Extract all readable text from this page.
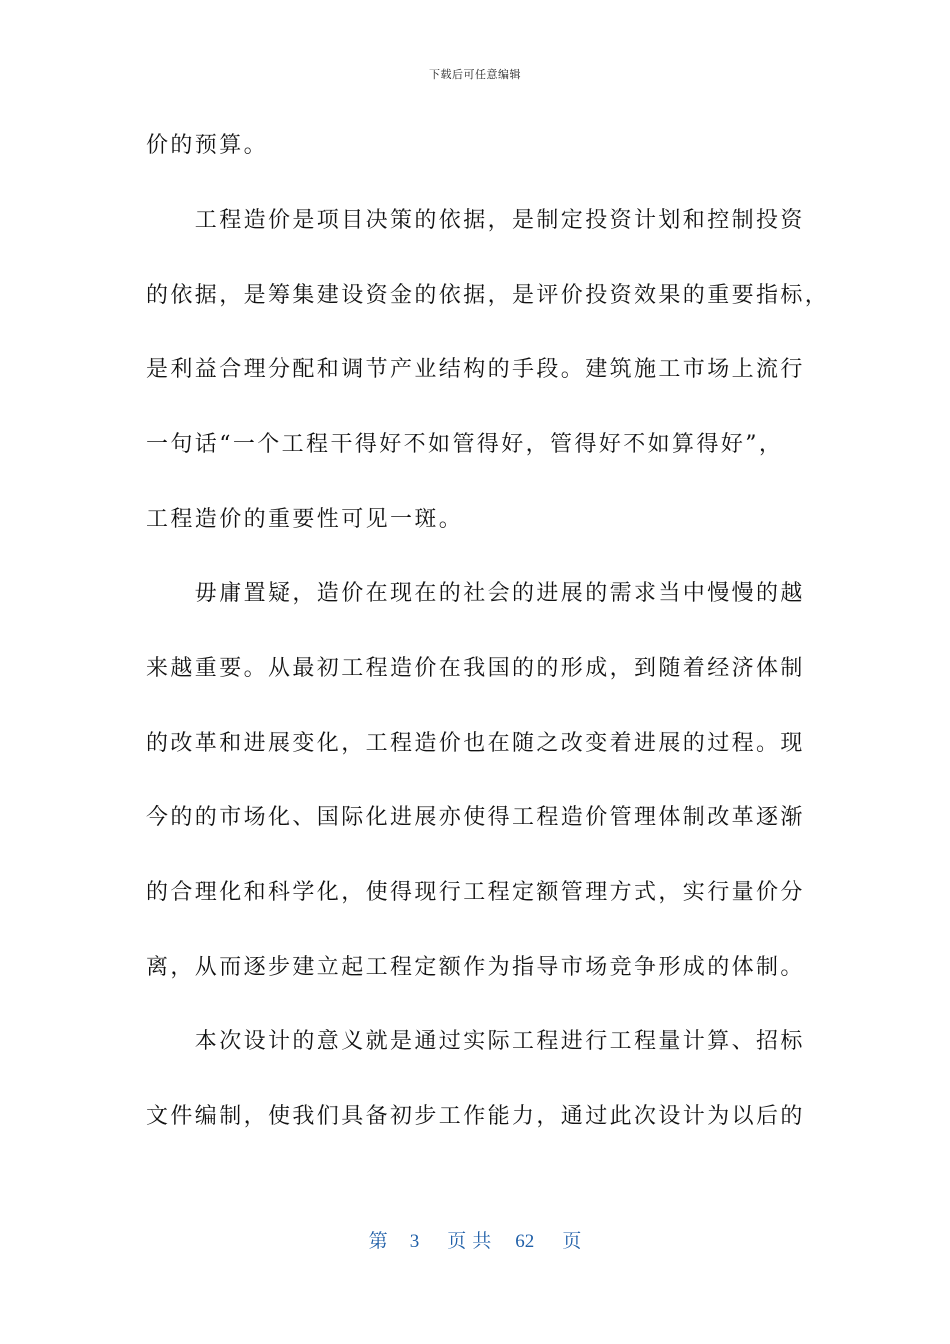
下载后可任意编辑
价的预算。
　　工程造价是项目决策的依据，是制定投资计划和控制投资
的依据，是筹集建设资金的依据，是评价投资效果的重要指标，
是利益合理分配和调节产业结构的手段。建筑施工市场上流行
一句话“一个工程干得好不如管得好，管得好不如算得好”，
工程造价的重要性可见一斑。
　　毋庸置疑，造价在现在的社会的进展的需求当中慢慢的越
来越重要。从最初工程造价在我国的的形成，到随着经济体制
的改革和进展变化，工程造价也在随之改变着进展的过程。现
今的的市场化、国际化进展亦使得工程造价管理体制改革逐渐
的合理化和科学化，使得现行工程定额管理方式，实行量价分
离，从而逐步建立起工程定额作为指导市场竞争形成的体制。
　　本次设计的意义就是通过实际工程进行工程量计算、招标
文件编制，使我们具备初步工作能力，通过此次设计为以后的
第 3 页共 62 页
